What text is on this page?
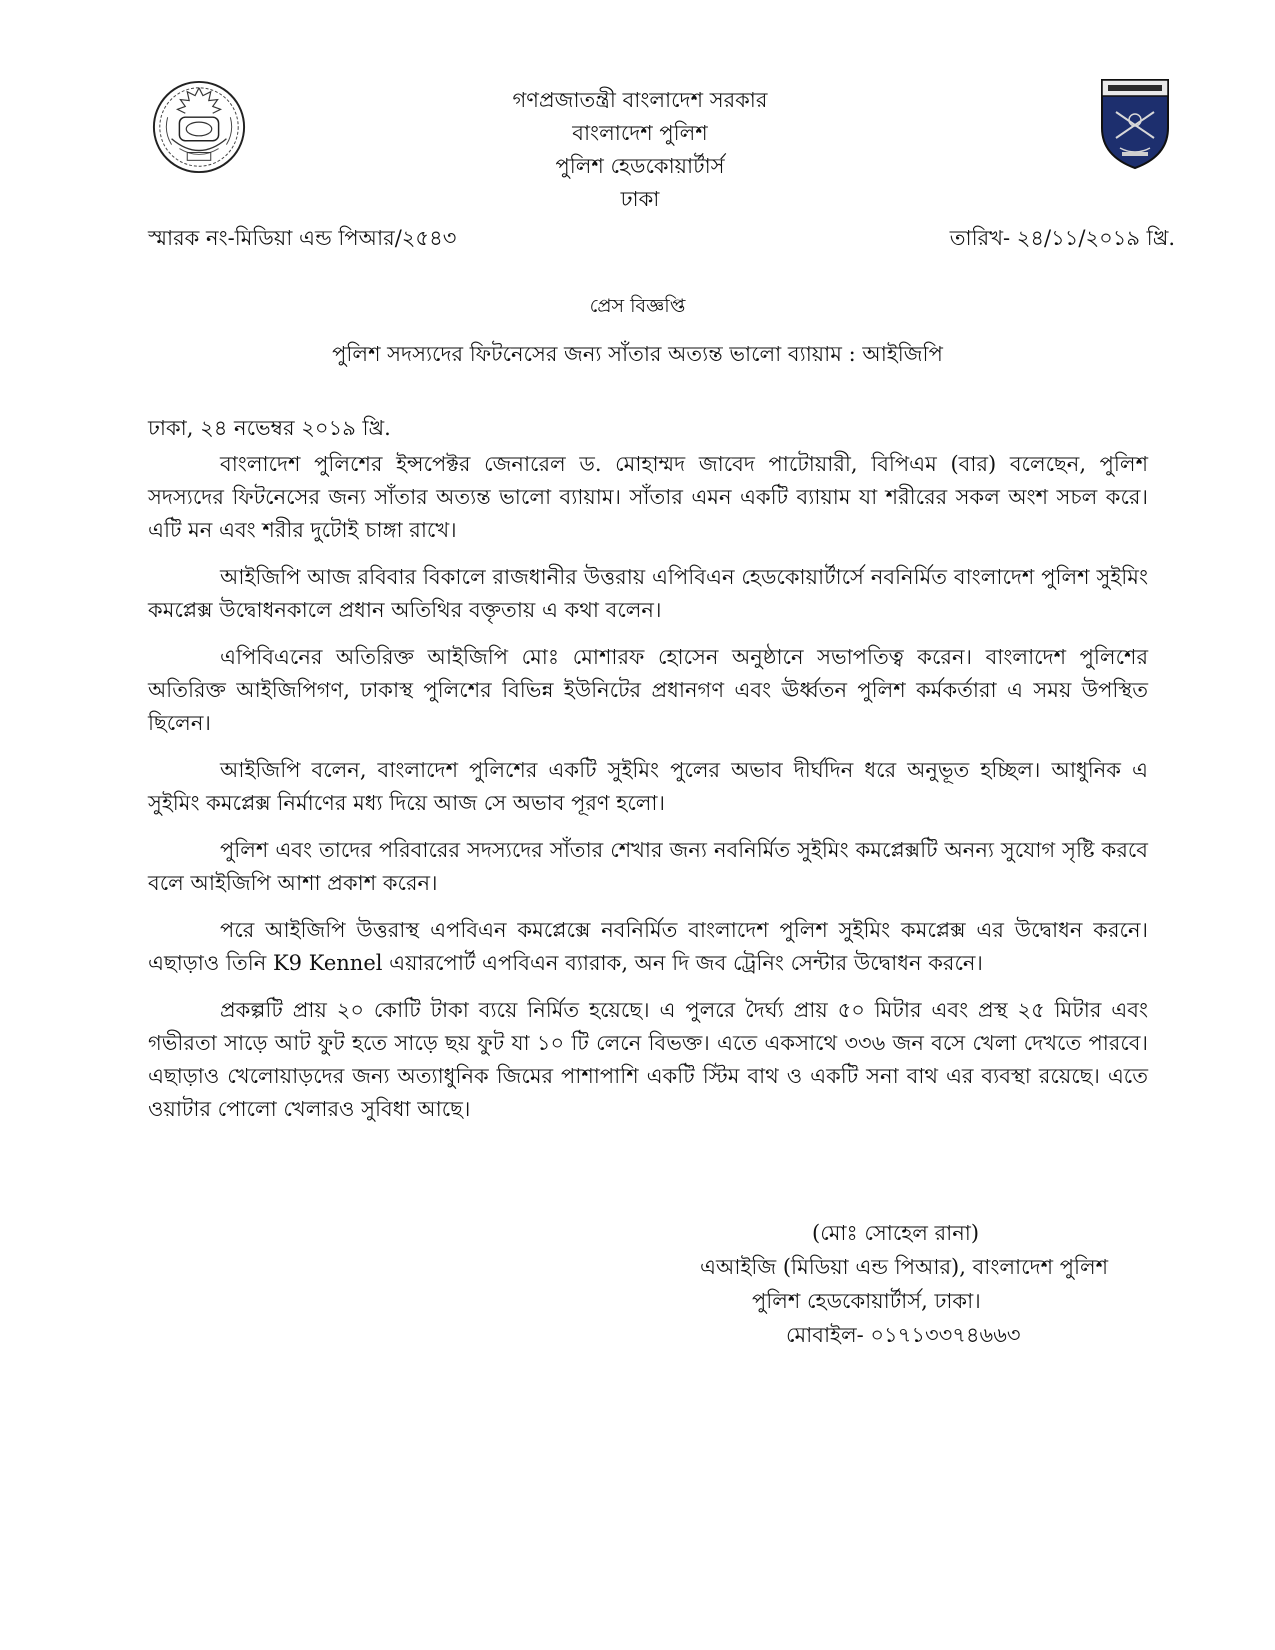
গণপ্রজাতন্ত্রী বাংলাদেশ সরকার
বাংলাদেশ পুলিশ
পুলিশ হেডকোয়ার্টার্স
ঢাকা
স্মারক নং-মিডিয়া এন্ড পিআর/২৫৪৩	তারিখ- ২৪/১১/২০১৯ খ্রি.
প্রেস বিজ্ঞপ্তি
পুলিশ সদস্যদের ফিটনেসের জন্য সাঁতার অত্যন্ত ভালো ব্যায়াম : আইজিপি
ঢাকা, ২৪ নভেম্বর ২০১৯ খ্রি.

বাংলাদেশ পুলিশের ইন্সপেক্টর জেনারেল ড. মোহাম্মদ জাবেদ পাটোয়ারী, বিপিএম (বার) বলেছেন, পুলিশ সদস্যদের ফিটনেসের জন্য সাঁতার অত্যন্ত ভালো ব্যায়াম। সাঁতার এমন একটি ব্যায়াম যা শরীরের সকল অংশ সচল করে। এটি মন এবং শরীর দুটোই চাঙ্গা রাখে।

আইজিপি আজ রবিবার বিকালে রাজধানীর উত্তরায় এপিবিএন হেডকোয়ার্টার্সে নবনির্মিত বাংলাদেশ পুলিশ সুইমিং কমপ্লেক্স উদ্বোধনকালে প্রধান অতিথির বক্তৃতায় এ কথা বলেন।

এপিবিএনের অতিরিক্ত আইজিপি মোঃ মোশারফ হোসেন অনুষ্ঠানে সভাপতিত্ব করেন। বাংলাদেশ পুলিশের অতিরিক্ত আইজিপিগণ, ঢাকাস্থ পুলিশের বিভিন্ন ইউনিটের প্রধানগণ এবং ঊর্ধ্বতন পুলিশ কর্মকর্তারা এ সময় উপস্থিত ছিলেন।

আইজিপি বলেন, বাংলাদেশ পুলিশের একটি সুইমিং পুলের অভাব দীর্ঘদিন ধরে অনুভূত হচ্ছিল। আধুনিক এ সুইমিং কমপ্লেক্স নির্মাণের মধ্য দিয়ে আজ সে অভাব পূরণ হলো।

পুলিশ এবং তাদের পরিবারের সদস্যদের সাঁতার শেখার জন্য নবনির্মিত সুইমিং কমপ্লেক্সটি অনন্য সুযোগ সৃষ্টি করবে বলে আইজিপি আশা প্রকাশ করেন।

পরে আইজিপি উত্তরাস্থ এপবিএন কমপ্লেক্সে নবনির্মিত বাংলাদেশ পুলিশ সুইমিং কমপ্লেক্স এর উদ্বোধন করনে। এছাড়াও তিনি K9 Kennel এয়ারপোর্ট এপবিএন ব্যারাক, অন দি জব ট্রেনিং সেন্টার উদ্বোধন করনে।

প্রকল্পটি প্রায় ২০ কোটি টাকা ব্যয়ে নির্মিত হয়েছে। এ পুলরে দৈর্ঘ্য প্রায় ৫০ মিটার এবং প্রস্থ ২৫ মিটার এবং গভীরতা সাড়ে আট ফুট হতে সাড়ে ছয় ফুট যা ১০ টি লেনে বিভক্ত। এতে একসাথে ৩৩৬ জন বসে খেলা দেখতে পারবে। এছাড়াও খেলোয়াড়দের জন্য অত্যাধুনিক জিমের পাশাপাশি একটি স্টিম বাথ ও একটি সনা বাথ এর ব্যবস্থা রয়েছে। এতে ওয়াটার পোলো খেলারও সুবিধা আছে।

(মোঃ সোহেল রানা)
এআইজি (মিডিয়া এন্ড পিআর), বাংলাদেশ পুলিশ
পুলিশ হেডকোয়ার্টার্স, ঢাকা।
মোবাইল- ০১৭১৩৩৭৪৬৬৩
